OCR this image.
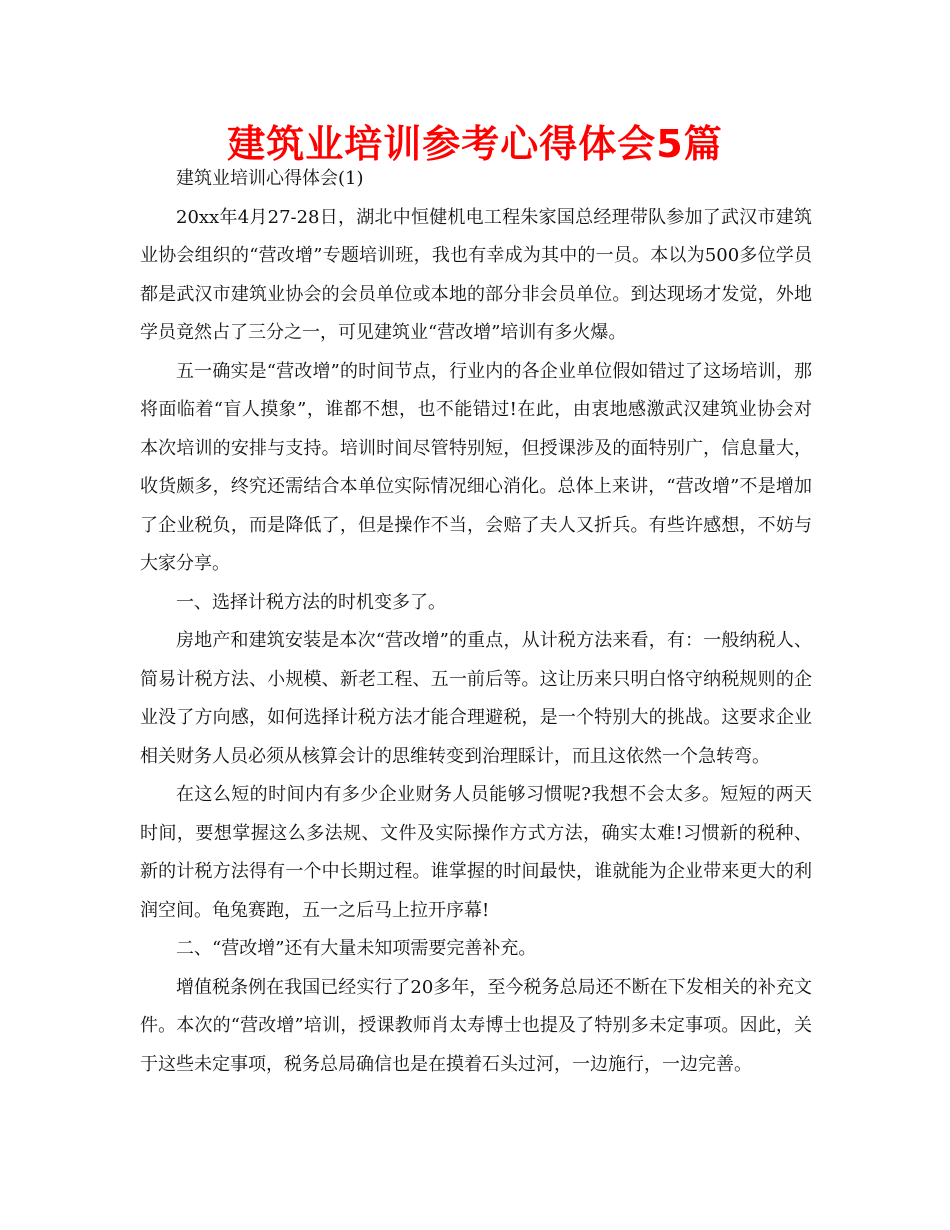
建筑业培训参考心得体会5篇

建筑业培训心得体会(1)

20xx年4月27-28日，湖北中恒健机电工程朱家国总经理带队参加了武汉市建筑业协会组织的“营改增”专题培训班，我也有幸成为其中的一员。本以为500多位学员都是武汉市建筑业协会的会员单位或本地的部分非会员单位。到达现场才发觉，外地学员竟然占了三分之一，可见建筑业“营改增”培训有多火爆。

五一确实是“营改增”的时间节点，行业内的各企业单位假如错过了这场培训，那将面临着“盲人摸象”，谁都不想，也不能错过!在此，由衷地感激武汉建筑业协会对本次培训的安排与支持。培训时间尽管特别短，但授课涉及的面特别广，信息量大，收货颇多，终究还需结合本单位实际情况细心消化。总体上来讲，“营改增”不是增加了企业税负，而是降低了，但是操作不当，会赔了夫人又折兵。有些许感想，不妨与大家分享。

一、选择计税方法的时机变多了。

房地产和建筑安装是本次“营改增”的重点，从计税方法来看，有：一般纳税人、简易计税方法、小规模、新老工程、五一前后等。这让历来只明白恪守纳税规则的企业没了方向感，如何选择计税方法才能合理避税，是一个特别大的挑战。这要求企业相关财务人员必须从核算会计的思维转变到治理睬计，而且这依然一个急转弯。

在这么短的时间内有多少企业财务人员能够习惯呢?我想不会太多。短短的两天时间，要想掌握这么多法规、文件及实际操作方式方法，确实太难!习惯新的税种、新的计税方法得有一个中长期过程。谁掌握的时间最快，谁就能为企业带来更大的利润空间。龟兔赛跑，五一之后马上拉开序幕!

二、“营改增”还有大量未知项需要完善补充。

增值税条例在我国已经实行了20多年，至今税务总局还不断在下发相关的补充文件。本次的“营改增”培训，授课教师肖太寿博士也提及了特别多未定事项。因此，关于这些未定事项，税务总局确信也是在摸着石头过河，一边施行，一边完善。
